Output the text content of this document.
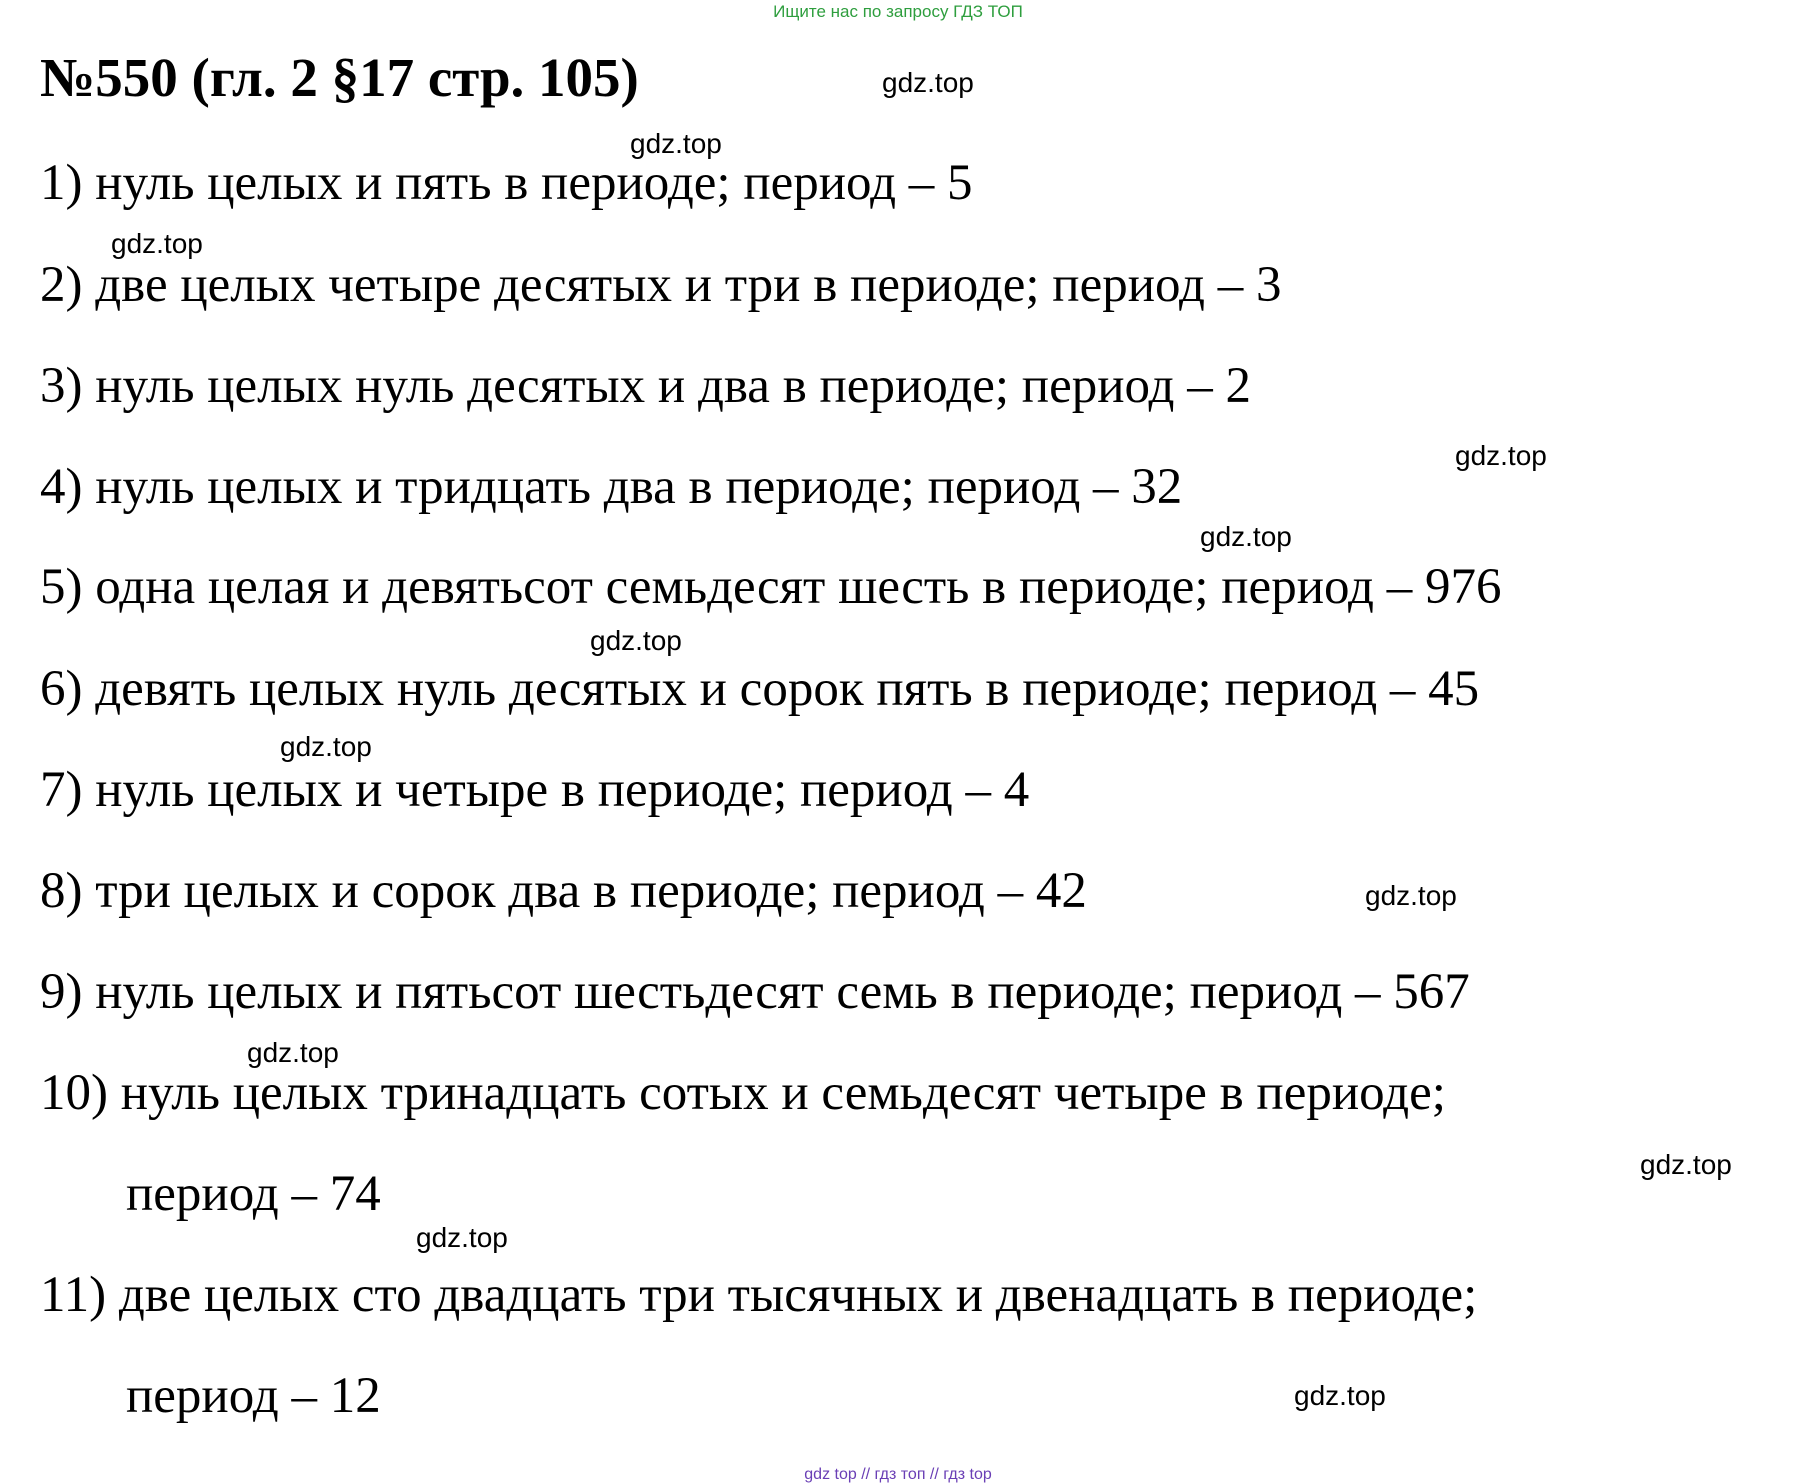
Ищите нас по запросу ГДЗ ТОП
№550 (гл. 2 §17 стр. 105)
1) нуль целых и пять в периоде; период – 5
2) две целых четыре десятых и три в периоде; период – 3
3) нуль целых нуль десятых и два в периоде; период – 2
4) нуль целых и тридцать два в периоде; период – 32
5) одна целая и девятьсот семьдесят шесть в периоде; период – 976
6) девять целых нуль десятых и сорок пять в периоде; период – 45
7) нуль целых и четыре в периоде; период – 4
8) три целых и сорок два в периоде; период – 42
9) нуль целых и пятьсот шестьдесят семь в периоде; период – 567
10) нуль целых тринадцать сотых и семьдесят четыре в периоде;
период – 74
11) две целых сто двадцать три тысячных и двенадцать в периоде;
период – 12
gdz.top
gdz.top
gdz.top
gdz.top
gdz.top
gdz.top
gdz.top
gdz.top
gdz.top
gdz.top
gdz.top
gdz.top
gdz top // гдз топ // гдз top
